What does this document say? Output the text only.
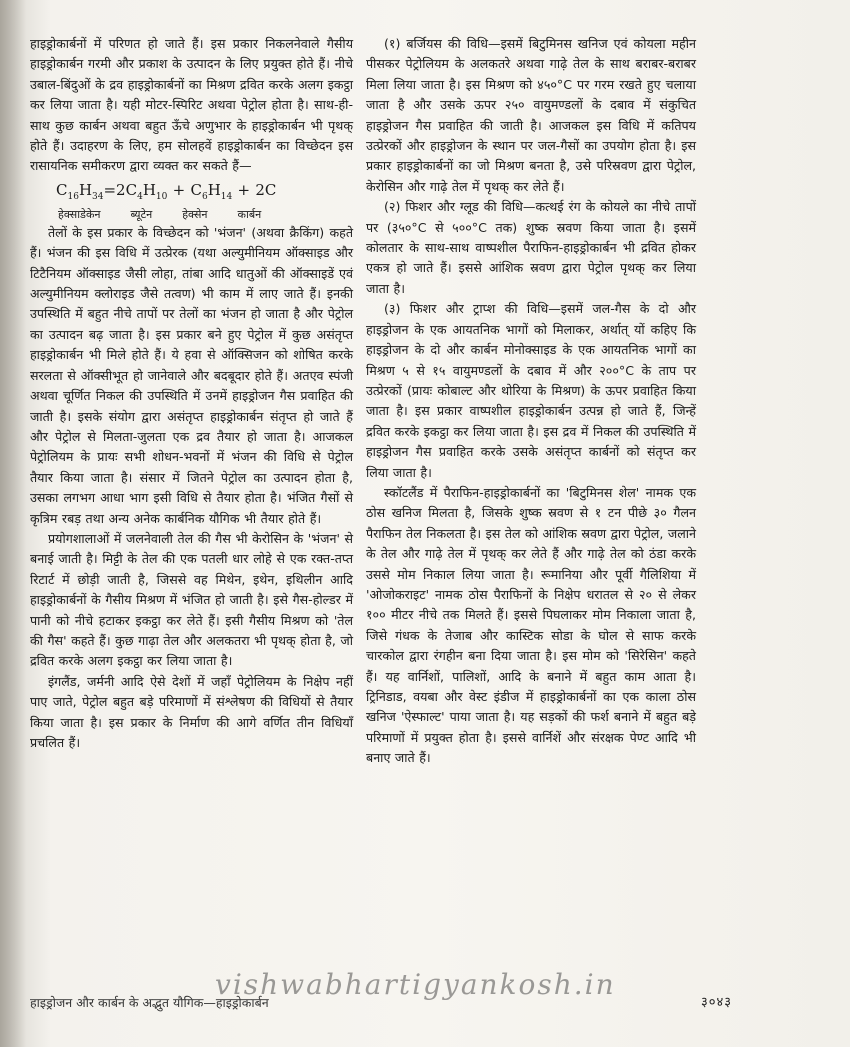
हाइड्रोकार्बनों में परिणत हो जाते हैं। इस प्रकार निकलनेवाले गैसीय हाइड्रोकार्बन गरमी और प्रकाश के उत्पादन के लिए प्रयुक्त होते हैं। नीचे उबाल-बिंदुओं के द्रव हाइड्रोकार्बनों का मिश्रण द्रवित करके अलग इकट्ठा कर लिया जाता है। यही मोटर-स्पिरिट अथवा पेट्रोल होता है। साथ-ही-साथ कुछ कार्बन अथवा बहुत ऊँचे अणुभार के हाइड्रोकार्बन भी पृथक् होते हैं। उदाहरण के लिए, हम सोलहवें हाइड्रोकार्बन का विच्छेदन इस रासायनिक समीकरण द्वारा व्यक्त कर सकते हैं—

$C_{16}H_{34}=2C_4H_{10} + C_6H_{14} + 2C$
हेक्साडेकेन	ब्यूटेन	हेक्सेन	कार्बन

तेलों के इस प्रकार के विच्छेदन को 'भंजन' (अथवा क्रैकिंग) कहते हैं। भंजन की इस विधि में उत्प्रेरक (यथा अल्युमीनियम ऑक्साइड और टिटैनियम ऑक्साइड जैसी लोहा, तांबा आदि धातुओं की ऑक्साइडें एवं अल्युमीनियम क्लोराइड जैसे तत्वण) भी काम में लाए जाते हैं। इनकी उपस्थिति में बहुत नीचे तापों पर तेलों का भंजन हो जाता है और पेट्रोल का उत्पादन बढ़ जाता है। इस प्रकार बने हुए पेट्रोल में कुछ असंतृप्त हाइड्रोकार्बन भी मिले होते हैं। ये हवा से ऑक्सिजन को शोषित करके सरलता से ऑक्सीभूत हो जानेवाले और बदबूदार होते हैं। अतएव स्पंजी अथवा चूर्णित निकल की उपस्थिति में उनमें हाइड्रोजन गैस प्रवाहित की जाती है। इसके संयोग द्वारा असंतृप्त हाइड्रोकार्बन संतृप्त हो जाते हैं और पेट्रोल से मिलता-जुलता एक द्रव तैयार हो जाता है। आजकल पेट्रोलियम के प्रायः सभी शोधन-भवनों में भंजन की विधि से पेट्रोल तैयार किया जाता है। संसार में जितने पेट्रोल का उत्पादन होता है, उसका लगभग आधा भाग इसी विधि से तैयार होता है। भंजित गैसों से कृत्रिम रबड़ तथा अन्य अनेक कार्बनिक यौगिक भी तैयार होते हैं।

प्रयोगशालाओं में जलनेवाली तेल की गैस भी केरोसिन के 'भंजन' से बनाई जाती है। मिट्टी के तेल की एक पतली धार लोहे से एक रक्त-तप्त रिटार्ट में छोड़ी जाती है, जिससे वह मिथेन, इथेन, इथिलीन आदि हाइड्रोकार्बनों के गैसीय मिश्रण में भंजित हो जाती है। इसे गैस-होल्डर में पानी को नीचे हटाकर इकट्ठा कर लेते हैं। इसी गैसीय मिश्रण को 'तेल की गैस' कहते हैं। कुछ गाढ़ा तेल और अलकतरा भी पृथक् होता है, जो द्रवित करके अलग इकट्ठा कर लिया जाता है।

इंगलैंड, जर्मनी आदि ऐसे देशों में जहाँ पेट्रोलियम के निक्षेप नहीं पाए जाते, पेट्रोल बहुत बड़े परिमाणों में संश्लेषण की विधियों से तैयार किया जाता है। इस प्रकार के निर्माण की आगे वर्णित तीन विधियाँ प्रचलित हैं।

(१) बर्जियस की विधि—इसमें बिटुमिनस खनिज एवं कोयला महीन पीसकर पेट्रोलियम के अलकतरे अथवा गाढ़े तेल के साथ बराबर-बराबर मिला लिया जाता है। इस मिश्रण को ४५०°C पर गरम रखते हुए चलाया जाता है और उसके ऊपर २५० वायुमण्डलों के दबाव में संकुचित हाइड्रोजन गैस प्रवाहित की जाती है। आजकल इस विधि में कतिपय उत्प्रेरकों और हाइड्रोजन के स्थान पर जल-गैसों का उपयोग होता है। इस प्रकार हाइड्रोकार्बनों का जो मिश्रण बनता है, उसे परिस्रवण द्वारा पेट्रोल, केरोसिन और गाढ़े तेल में पृथक् कर लेते हैं।

(२) फिशर और ग्लूड की विधि—कत्थई रंग के कोयले का नीचे तापों पर (३५०°C से ५००°C तक) शुष्क स्रवण किया जाता है। इसमें कोलतार के साथ-साथ वाष्पशील पैराफिन-हाइड्रोकार्बन भी द्रवित होकर एकत्र हो जाते हैं। इससे आंशिक स्रवण द्वारा पेट्रोल पृथक् कर लिया जाता है।

(३) फिशर और ट्राप्श की विधि—इसमें जल-गैस के दो और हाइड्रोजन के एक आयतनिक भागों को मिलाकर, अर्थात् यों कहिए कि हाइड्रोजन के दो और कार्बन मोनोक्साइड के एक आयतनिक भागों का मिश्रण ५ से १५ वायुमण्डलों के दबाव में और २००°C के ताप पर उत्प्रेरकों (प्रायः कोबाल्ट और थोरिया के मिश्रण) के ऊपर प्रवाहित किया जाता है। इस प्रकार वाष्पशील हाइड्रोकार्बन उत्पन्न हो जाते हैं, जिन्हें द्रवित करके इकट्ठा कर लिया जाता है। इस द्रव में निकल की उपस्थिति में हाइड्रोजन गैस प्रवाहित करके उसके असंतृप्त कार्बनों को संतृप्त कर लिया जाता है।

स्कॉटलैंड में पैराफिन-हाइड्रोकार्बनों का 'बिटुमिनस शेल' नामक एक ठोस खनिज मिलता है, जिसके शुष्क स्रवण से १ टन पीछे ३० गैलन पैराफिन तेल निकलता है। इस तेल को आंशिक स्रवण द्वारा पेट्रोल, जलाने के तेल और गाढ़े तेल में पृथक् कर लेते हैं और गाढ़े तेल को ठंडा करके उससे मोम निकाल लिया जाता है। रूमानिया और पूर्वी गैलिशिया में 'ओजोकराइट' नामक ठोस पैराफिनों के निक्षेप धरातल से २० से लेकर १०० मीटर नीचे तक मिलते हैं। इससे पिघलाकर मोम निकाला जाता है, जिसे गंधक के तेजाब और कास्टिक सोडा के घोल से साफ करके चारकोल द्वारा रंगहीन बना दिया जाता है। इस मोम को 'सिरेसिन' कहते हैं। यह वार्निशों, पालिशों, आदि के बनाने में बहुत काम आता है। ट्रिनिडाड, वयबा और वेस्ट इंडीज में हाइड्रोकार्बनों का एक काला ठोस खनिज 'ऐस्फाल्ट' पाया जाता है। यह सड़कों की फर्श बनाने में बहुत बड़े परिमाणों में प्रयुक्त होता है। इससे वार्निशें और संरक्षक पेण्ट आदि भी बनाए जाते हैं।

हाइड्रोजन और कार्बन के अद्भुत यौगिक—हाइड्रोकार्बन
vishwabhartigyankosh.in
३०४३
